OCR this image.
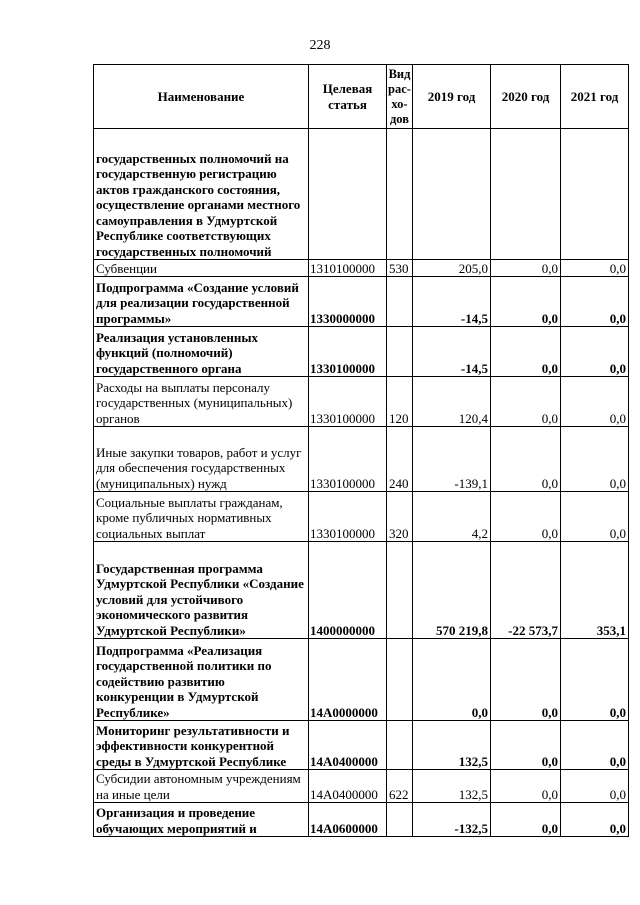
228
Наименование	Целевая статья	Вид рас-хо-дов	2019 год	2020 год	2021 год
государственных полномочий на государственную регистрацию актов гражданского состояния, осуществление органами местного самоуправления в Удмуртской Республике соответствующих государственных полномочий					
Субвенции	1310100000	530	205,0	0,0	0,0
Подпрограмма «Создание условий для реализации государственной программы»	1330000000		-14,5	0,0	0,0
Реализация установленных функций (полномочий) государственного органа	1330100000		-14,5	0,0	0,0
Расходы на выплаты персоналу государственных (муниципальных) органов	1330100000	120	120,4	0,0	0,0
Иные закупки товаров, работ и услуг для обеспечения государственных (муниципальных) нужд	1330100000	240	-139,1	0,0	0,0
Социальные выплаты гражданам, кроме публичных нормативных социальных выплат	1330100000	320	4,2	0,0	0,0
Государственная программа Удмуртской Республики «Создание условий для устойчивого экономического развития Удмуртской Республики»	1400000000		570 219,8	-22 573,7	353,1
Подпрограмма «Реализация государственной политики по содействию развитию конкуренции в Удмуртской Республике»	14А0000000		0,0	0,0	0,0
Мониторинг результативности и эффективности конкурентной среды в Удмуртской Республике	14А0400000		132,5	0,0	0,0
Субсидии автономным учреждениям на иные цели	14А0400000	622	132,5	0,0	0,0
Организация и проведение обучающих мероприятий и	14А0600000		-132,5	0,0	0,0
